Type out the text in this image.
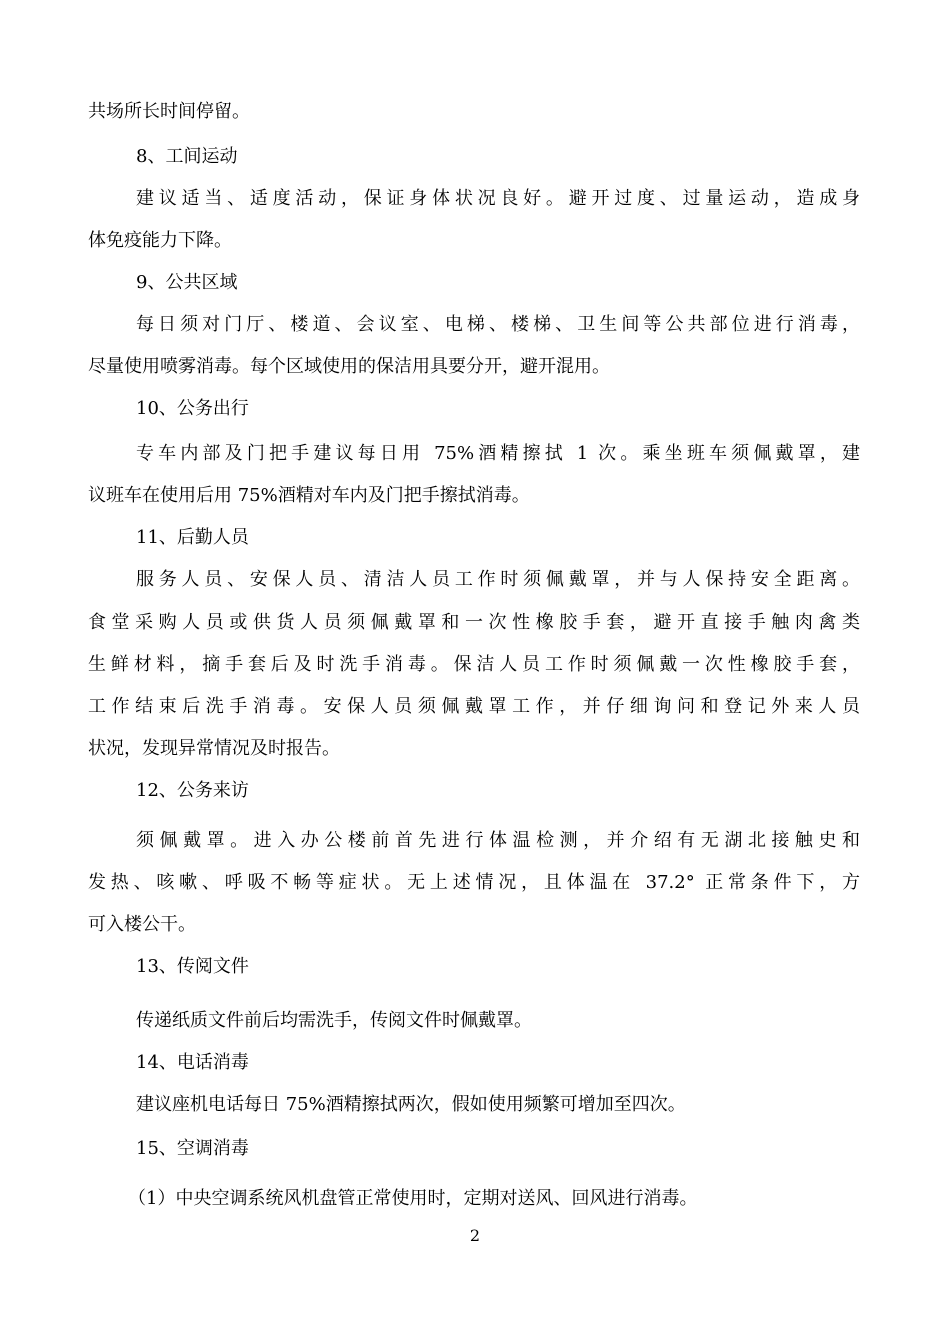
共场所长时间停留。
8、工间运动
建议适当、适度活动，保证身体状况良好。避开过度、过量运动，造成身
体免疫能力下降。
9、公共区域
每日须对门厅、楼道、会议室、电梯、楼梯、卫生间等公共部位进行消毒，
尽量使用喷雾消毒。每个区域使用的保洁用具要分开，避开混用。
10、公务出行
专车内部及门把手建议每日用 75%酒精擦拭 1 次。乘坐班车须佩戴罩，建
议班车在使用后用 75%酒精对车内及门把手擦拭消毒。
11、后勤人员
服务人员、安保人员、清洁人员工作时须佩戴罩，并与人保持安全距离。
食堂采购人员或供货人员须佩戴罩和一次性橡胶手套，避开直接手触肉禽类
生鲜材料，摘手套后及时洗手消毒。保洁人员工作时须佩戴一次性橡胶手套，
工作结束后洗手消毒。安保人员须佩戴罩工作，并仔细询问和登记外来人员
状况，发现异常情况及时报告。
12、公务来访
须佩戴罩。进入办公楼前首先进行体温检测，并介绍有无湖北接触史和
发热、咳嗽、呼吸不畅等症状。无上述情况，且体温在 37.2° 正常条件下，方
可入楼公干。
13、传阅文件
传递纸质文件前后均需洗手，传阅文件时佩戴罩。
14、电话消毒
建议座机电话每日 75%酒精擦拭两次，假如使用频繁可增加至四次。
15、空调消毒
（1）中央空调系统风机盘管正常使用时，定期对送风、回风进行消毒。
2
